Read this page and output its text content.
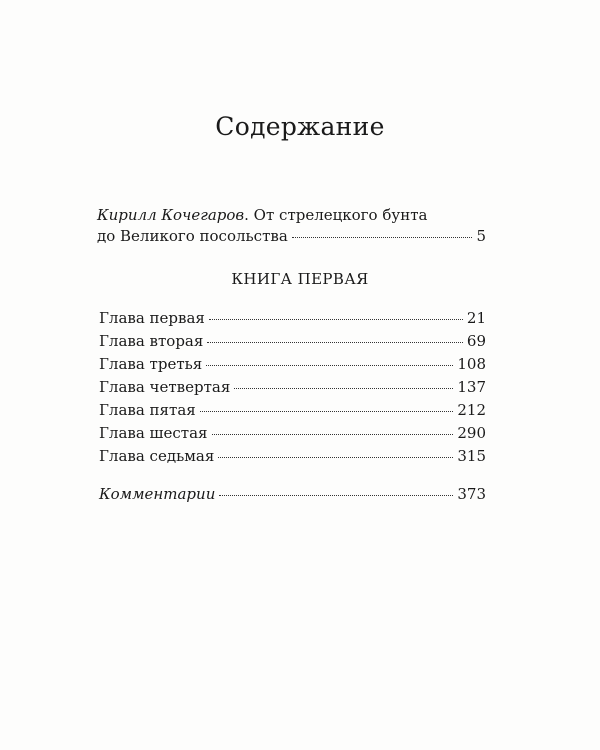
Содержание
Кирилл Кочегаров. От стрелецкого бунта
до Великого посольства	5
КНИГА ПЕРВАЯ
Глава первая	21
Глава вторая	69
Глава третья	108
Глава четвертая	137
Глава пятая	212
Глава шестая	290
Глава седьмая	315
Комментарии	373
